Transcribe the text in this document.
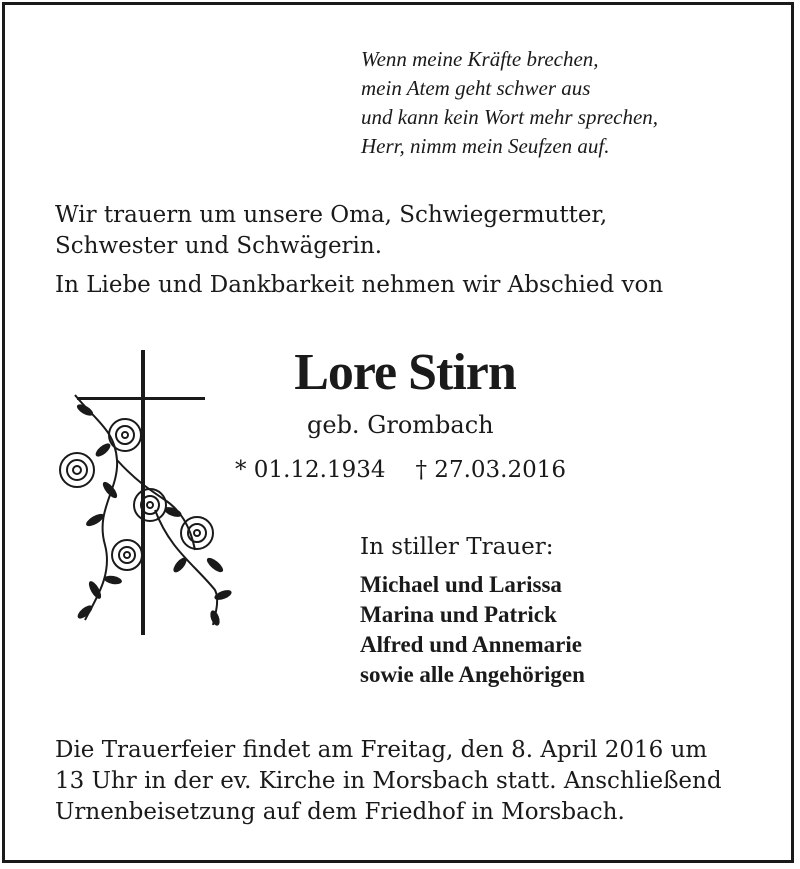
Wenn meine Kräfte brechen,
mein Atem geht schwer aus
und kann kein Wort mehr sprechen,
Herr, nimm mein Seufzen auf.
Wir trauern um unsere Oma, Schwiegermutter,
Schwester und Schwägerin.
In Liebe und Dankbarkeit nehmen wir Abschied von
Lore Stirn
geb. Grombach
* 01.12.1934 † 27.03.2016
In stiller Trauer:
Michael und Larissa
Marina und Patrick
Alfred und Annemarie
sowie alle Angehörigen
Die Trauerfeier findet am Freitag, den 8. April 2016 um
13 Uhr in der ev. Kirche in Morsbach statt. Anschließend
Urnenbeisetzung auf dem Friedhof in Morsbach.
